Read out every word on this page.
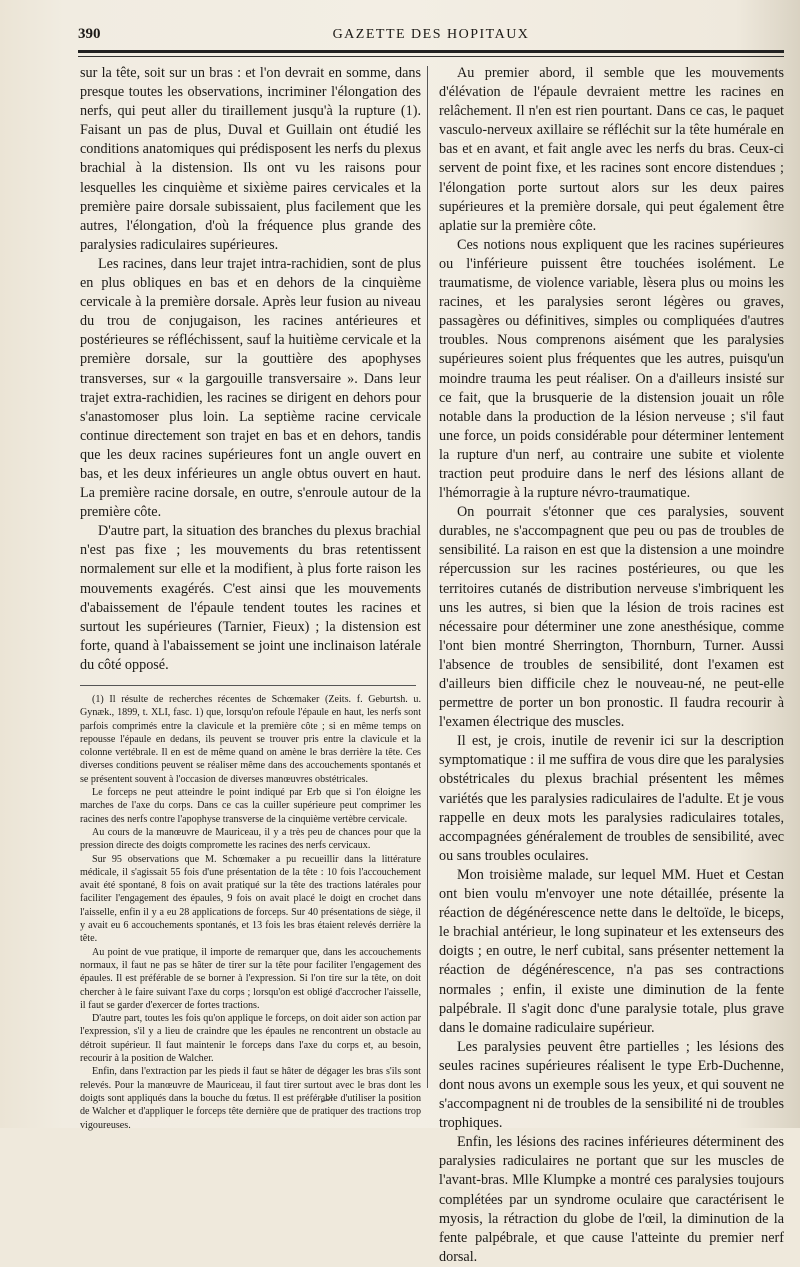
390	GAZETTE DES HOPITAUX

sur la tête, soit sur un bras : et l'on devrait en somme, dans presque toutes les observations, incriminer l'élongation des nerfs, qui peut aller du tiraillement jusqu'à la rupture (1). Faisant un pas de plus, Duval et Guillain ont étudié les conditions anatomiques qui prédisposent les nerfs du plexus brachial à la distension. Ils ont vu les raisons pour lesquelles les cinquième et sixième paires cervicales et la première paire dorsale subissaient, plus facilement que les autres, l'élongation, d'où la fréquence plus grande des paralysies radiculaires supérieures.

Les racines, dans leur trajet intra-rachidien, sont de plus en plus obliques en bas et en dehors de la cinquième cervicale à la première dorsale. Après leur fusion au niveau du trou de conjugaison, les racines antérieures et postérieures se réfléchissent, sauf la huitième cervicale et la première dorsale, sur la gouttière des apophyses transverses, sur « la gargouille transversaire ». Dans leur trajet extra-rachidien, les racines se dirigent en dehors pour s'anastomoser plus loin. La septième racine cervicale continue directement son trajet en bas et en dehors, tandis que les deux racines supérieures font un angle ouvert en bas, et les deux inférieures un angle obtus ouvert en haut. La première racine dorsale, en outre, s'enroule autour de la première côte.

D'autre part, la situation des branches du plexus brachial n'est pas fixe ; les mouvements du bras retentissent normalement sur elle et la modifient, à plus forte raison les mouvements exagérés. C'est ainsi que les mouvements d'abaissement de l'épaule tendent toutes les racines et surtout les supérieures (Tarnier, Fieux) ; la distension est forte, quand à l'abaissement se joint une inclinaison latérale du côté opposé.

(1) Il résulte de recherches récentes de Schœmaker (Zeits. f. Geburtsh. u. Gynæk., 1899, t. XLI, fasc. 1) que, lorsqu'on refoule l'épaule en haut, les nerfs sont parfois comprimés entre la clavicule et la première côte ; si en même temps on repousse l'épaule en dedans, ils peuvent se trouver pris entre la clavicule et la colonne vertébrale. Il en est de même quand on amène le bras derrière la tête. Ces diverses conditions peuvent se réaliser même dans des accouchements spontanés et se présentent souvent à l'occasion de diverses manœuvres obstétricales.

Le forceps ne peut atteindre le point indiqué par Erb que si l'on éloigne les marches de l'axe du corps. Dans ce cas la cuiller supérieure peut comprimer les racines des nerfs contre l'apophyse transverse de la cinquième vertèbre cervicale.

Au cours de la manœuvre de Mauriceau, il y a très peu de chances pour que la pression directe des doigts compromette les racines des nerfs cervicaux.

Sur 95 observations que M. Schœmaker a pu recueillir dans la littérature médicale, il s'agissait 55 fois d'une présentation de la tête : 10 fois l'accouchement avait été spontané, 8 fois on avait pratiqué sur la tête des tractions latérales pour faciliter l'engagement des épaules, 9 fois on avait placé le doigt en crochet dans l'aisselle, enfin il y a eu 28 applications de forceps. Sur 40 présentations de siège, il y avait eu 6 accouchements spontanés, et 13 fois les bras étaient relevés derrière la tête.

Au point de vue pratique, il importe de remarquer que, dans les accouchements normaux, il faut ne pas se hâter de tirer sur la tête pour faciliter l'engagement des épaules. Il est préférable de se borner à l'expression. Si l'on tire sur la tête, on doit chercher à le faire suivant l'axe du corps ; lorsqu'on est obligé d'accrocher l'aisselle, il faut se garder d'exercer de fortes tractions.

D'autre part, toutes les fois qu'on applique le forceps, on doit aider son action par l'expression, s'il y a lieu de craindre que les épaules ne rencontrent un obstacle au détroit supérieur. Il faut maintenir le forceps dans l'axe du corps et, au besoin, recourir à la position de Walcher.

Enfin, dans l'extraction par les pieds il faut se hâter de dégager les bras s'ils sont relevés. Pour la manœuvre de Mauriceau, il faut tirer surtout avec le bras dont les doigts sont appliqués dans la bouche du fœtus. Il est préférable d'utiliser la position de Walcher et d'appliquer le forceps tête dernière que de pratiquer des tractions trop vigoureuses.

Au premier abord, il semble que les mouvements d'élévation de l'épaule devraient mettre les racines en relâchement. Il n'en est rien pourtant. Dans ce cas, le paquet vasculo-nerveux axillaire se réfléchit sur la tête humérale en bas et en avant, et fait angle avec les nerfs du bras. Ceux-ci servent de point fixe, et les racines sont encore distendues ; l'élongation porte surtout alors sur les deux paires supérieures et la première dorsale, qui peut également être aplatie sur la première côte.

Ces notions nous expliquent que les racines supérieures ou l'inférieure puissent être touchées isolément. Le traumatisme, de violence variable, lèsera plus ou moins les racines, et les paralysies seront légères ou graves, passagères ou définitives, simples ou compliquées d'autres troubles. Nous comprenons aisément que les paralysies supérieures soient plus fréquentes que les autres, puisqu'un moindre trauma les peut réaliser. On a d'ailleurs insisté sur ce fait, que la brusquerie de la distension jouait un rôle notable dans la production de la lésion nerveuse ; s'il faut une force, un poids considérable pour déterminer lentement la rupture d'un nerf, au contraire une subite et violente traction peut produire dans le nerf des lésions allant de l'hémorragie à la rupture névro-traumatique.

On pourrait s'étonner que ces paralysies, souvent durables, ne s'accompagnent que peu ou pas de troubles de sensibilité. La raison en est que la distension a une moindre répercussion sur les racines postérieures, ou que les territoires cutanés de distribution nerveuse s'imbriquent les uns les autres, si bien que la lésion de trois racines est nécessaire pour déterminer une zone anesthésique, comme l'ont bien montré Sherrington, Thornburn, Turner. Aussi l'absence de troubles de sensibilité, dont l'examen est d'ailleurs bien difficile chez le nouveau-né, ne peut-elle permettre de porter un bon pronostic. Il faudra recourir à l'examen électrique des muscles.

Il est, je crois, inutile de revenir ici sur la description symptomatique : il me suffira de vous dire que les paralysies obstétricales du plexus brachial présentent les mêmes variétés que les paralysies radiculaires de l'adulte. Et je vous rappelle en deux mots les paralysies radiculaires totales, accompagnées généralement de troubles de sensibilité, avec ou sans troubles oculaires.

Mon troisième malade, sur lequel MM. Huet et Cestan ont bien voulu m'envoyer une note détaillée, présente la réaction de dégénérescence nette dans le deltoïde, le biceps, le brachial antérieur, le long supinateur et les extenseurs des doigts ; en outre, le nerf cubital, sans présenter nettement la réaction de dégénérescence, n'a pas ses contractions normales ; enfin, il existe une diminution de la fente palpébrale. Il s'agit donc d'une paralysie totale, plus grave dans le domaine radiculaire supérieur.

Les paralysies peuvent être partielles ; les lésions des seules racines supérieures réalisent le type Erb-Duchenne, dont nous avons un exemple sous les yeux, et qui souvent ne s'accompagnent ni de troubles de la sensibilité ni de troubles trophiques.

Enfin, les lésions des racines inférieures déterminent des paralysies radiculaires ne portant que sur les muscles de l'avant-bras. Mlle Klumpke a montré ces paralysies toujours complétées par un syndrome oculaire que caractérisent le myosis, la rétraction du globe de l'œil, la diminution de la fente palpébrale, et que cause l'atteinte du premier nerf dorsal.
